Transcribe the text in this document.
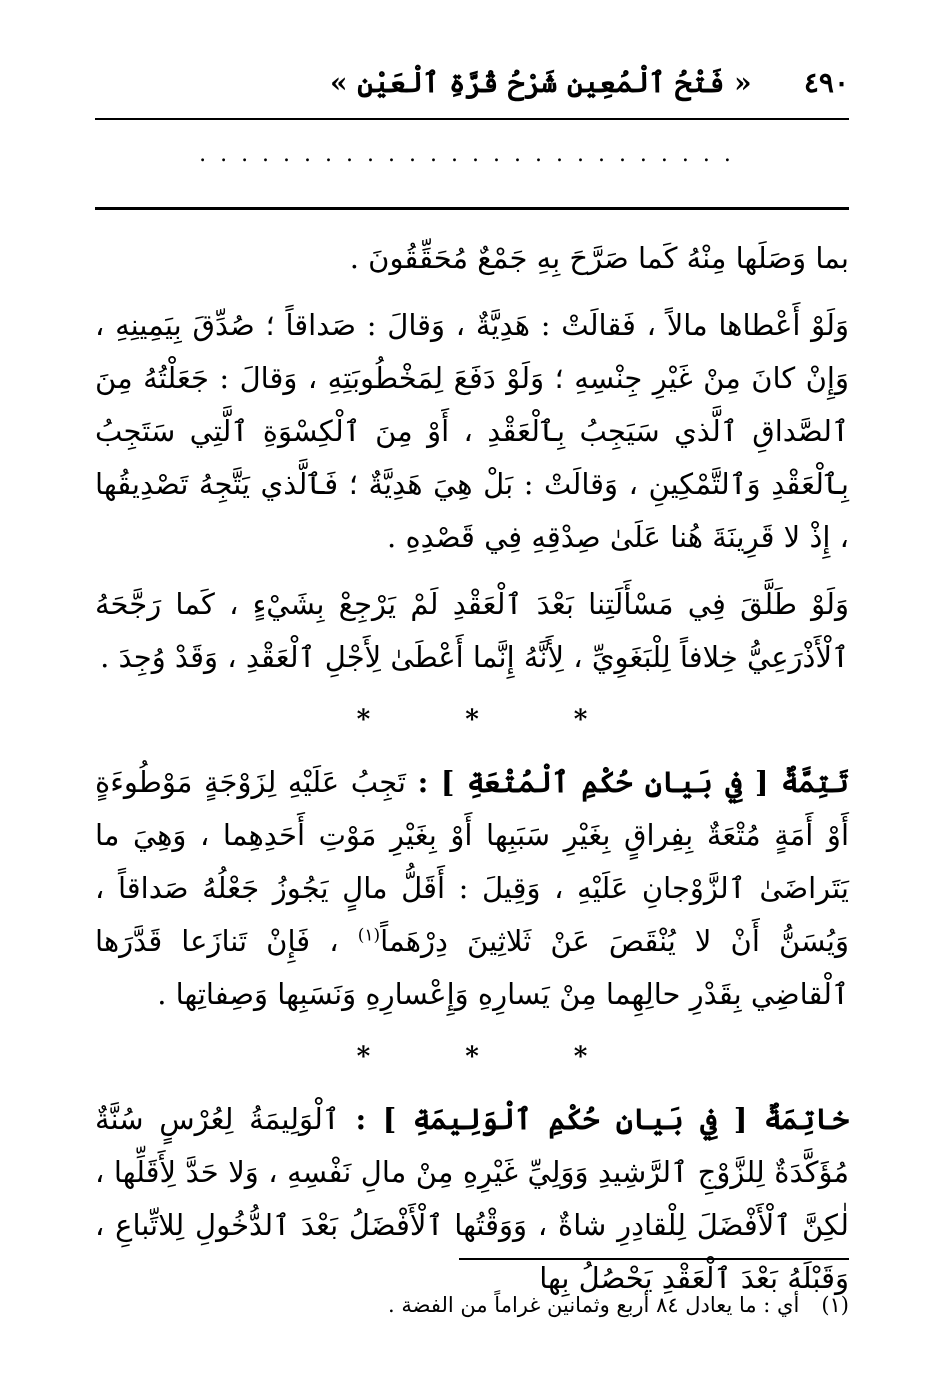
٤٩٠
« فَتْحُ ٱلْمُعِينِ شَرْحُ قُرَّةِ ٱلْعَيْنِ »
..........................

بما وَصَلَها مِنْهُ كَما صَرَّحَ بِهِ جَمْعٌ مُحَقِّقُونَ .

وَلَوْ أَعْطاها مالاً ، فَقالَتْ : هَدِيَّةٌ ، وَقالَ : صَداقاً ؛ صُدِّقَ بِيَمِينِهِ ، وَإِنْ كانَ مِنْ غَيْرِ جِنْسِهِ ؛ وَلَوْ دَفَعَ لِمَخْطُوبَتِهِ ، وَقالَ : جَعَلْتُهُ مِنَ ٱلصَّداقِ ٱلَّذي سَيَجِبُ بِٱلْعَقْدِ ، أَوْ مِنَ ٱلْكِسْوَةِ ٱلَّتِي سَتَجِبُ بِٱلْعَقْدِ وَٱلتَّمْكِينِ ، وَقالَتْ : بَلْ هِيَ هَدِيَّةٌ ؛ فَٱلَّذي يَتَّجِهُ تَصْدِيقُها ، إِذْ لا قَرِينَةَ هُنا عَلَىٰ صِدْقِهِ فِي قَصْدِهِ .

وَلَوْ طَلَّقَ فِي مَسْأَلَتِنا بَعْدَ ٱلْعَقْدِ لَمْ يَرْجِعْ بِشَيْءٍ ، كَما رَجَّحَهُ ٱلْأَذْرَعِيُّ خِلافاً لِلْبَغَوِيِّ ، لِأَنَّهُ إِنَّما أَعْطَىٰ لِأَجْلِ ٱلْعَقْدِ ، وَقَدْ وُجِدَ .

*	*	*

تَتِمَّةٌ [ فِي بَيانِ حُكْمِ ٱلْمُتْعَةِ ] : تَجِبُ عَلَيْهِ لِزَوْجَةٍ مَوْطُوءَةٍ أَوْ أَمَةٍ مُتْعَةٌ بِفِراقٍ بِغَيْرِ سَبَبِها أَوْ بِغَيْرِ مَوْتِ أَحَدِهِما ، وَهِيَ ما يَتَراضَىٰ ٱلزَّوْجانِ عَلَيْهِ ، وَقِيلَ : أَقَلُّ مالٍ يَجُوزُ جَعْلُهُ صَداقاً ، وَيُسَنُّ أَنْ لا يُنْقَصَ عَنْ ثَلاثِينَ دِرْهَماً$^{(١)}$ ، فَإِنْ تَنازَعا قَدَّرَها ٱلْقاضِي بِقَدْرِ حالِهِما مِنْ يَسارِهِ وَإِعْسارِهِ وَنَسَبِها وَصِفاتِها .

*	*	*

خاتِمَةٌ [ فِي بَيانِ حُكْمِ ٱلْوَلِيمَةِ ] : ٱلْوَلِيمَةُ لِعُرْسٍ سُنَّةٌ مُؤَكَّدَةٌ لِلزَّوْجِ ٱلرَّشِيدِ وَوَلِيِّ غَيْرِهِ مِنْ مالِ نَفْسِهِ ، وَلا حَدَّ لِأَقَلِّها ، لٰكِنَّ ٱلْأَفْضَلَ لِلْقادِرِ شاةٌ ، وَوَقْتُها ٱلْأَفْضَلُ بَعْدَ ٱلدُّخُولِ لِلاتِّباعِ ، وَقَبْلَهُ بَعْدَ ٱلْعَقْدِ يَحْصُلُ بِها

(١)أي : ما يعادل ٨٤ أربع وثمانين غراماً من الفضة .
